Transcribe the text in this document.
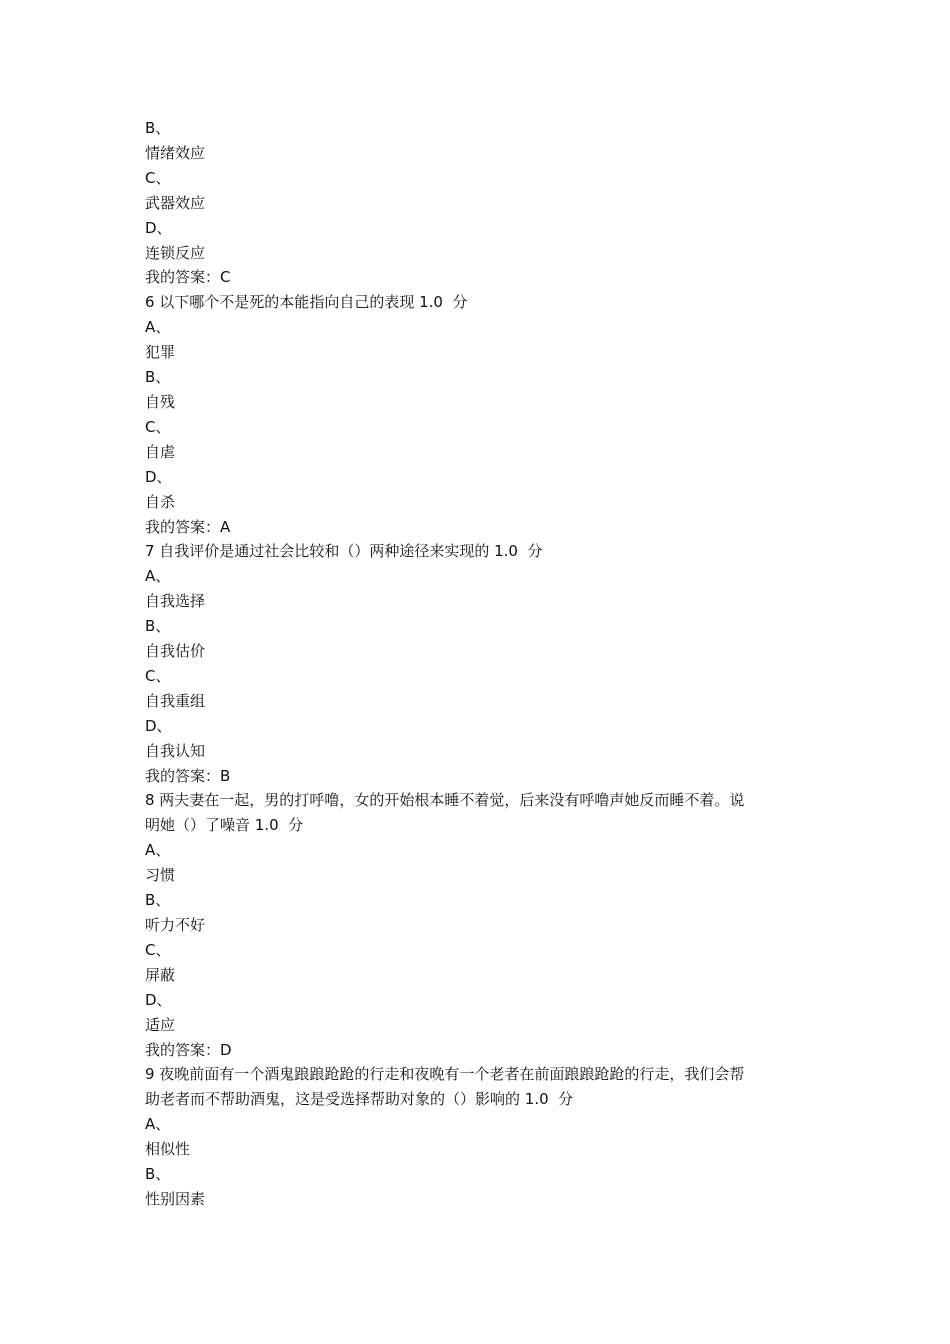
B、

情绪效应

C、

武器效应

D、

连锁反应

我的答案：C

6 以下哪个不是死的本能指向自己的表现 1.0  分

A、

犯罪

B、

自残

C、

自虐

D、

自杀

我的答案：A

7 自我评价是通过社会比较和（）两种途径来实现的 1.0  分

A、

自我选择

B、

自我估价

C、

自我重组

D、

自我认知

我的答案：B

8 两夫妻在一起，男的打呼噜，女的开始根本睡不着觉，后来没有呼噜声她反而睡不着。说

明她（）了噪音 1.0  分

A、

习惯

B、

听力不好

C、

屏蔽

D、

适应

我的答案：D

9 夜晚前面有一个酒鬼踉踉跄跄的行走和夜晚有一个老者在前面踉踉跄跄的行走，我们会帮

助老者而不帮助酒鬼，这是受选择帮助对象的（）影响的 1.0  分

A、

相似性

B、

性别因素
